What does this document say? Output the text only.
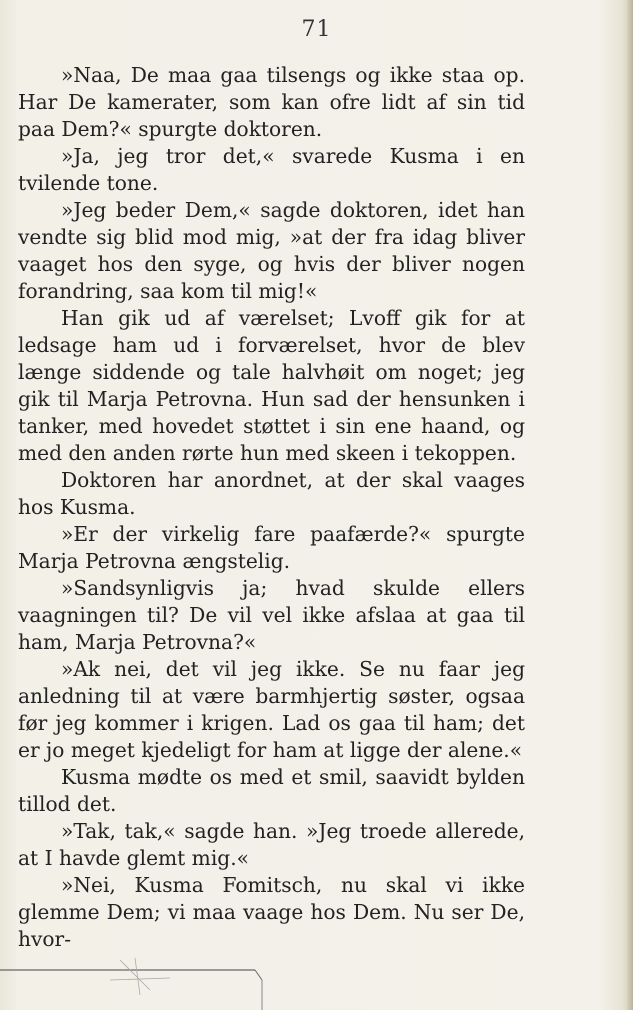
71

»Naa, De maa gaa tilsengs og ikke staa op. Har De kamerater, som kan ofre lidt af sin tid paa Dem?« spurgte doktoren.

»Ja, jeg tror det,« svarede Kusma i en tvilende tone.

»Jeg beder Dem,« sagde doktoren, idet han vendte sig blid mod mig, »at der fra idag bliver vaaget hos den syge, og hvis der bliver nogen forandring, saa kom til mig!«

Han gik ud af værelset; Lvoff gik for at ledsage ham ud i forværelset, hvor de blev længe siddende og tale halvhøit om noget; jeg gik til Marja Petrovna. Hun sad der hensunken i tanker, med hovedet støttet i sin ene haand, og med den anden rørte hun med skeen i tekoppen.

Doktoren har anordnet, at der skal vaages hos Kusma.

»Er der virkelig fare paafærde?« spurgte Marja Petrovna ængstelig.

»Sandsynligvis ja; hvad skulde ellers vaagningen til? De vil vel ikke afslaa at gaa til ham, Marja Petrovna?«

»Ak nei, det vil jeg ikke. Se nu faar jeg anledning til at være barmhjertig søster, ogsaa før jeg kommer i krigen. Lad os gaa til ham; det er jo meget kjedeligt for ham at ligge der alene.«

Kusma mødte os med et smil, saavidt bylden tillod det.

»Tak, tak,« sagde han. »Jeg troede allerede, at I havde glemt mig.«

»Nei, Kusma Fomitsch, nu skal vi ikke glemme Dem; vi maa vaage hos Dem. Nu ser De, hvor-
